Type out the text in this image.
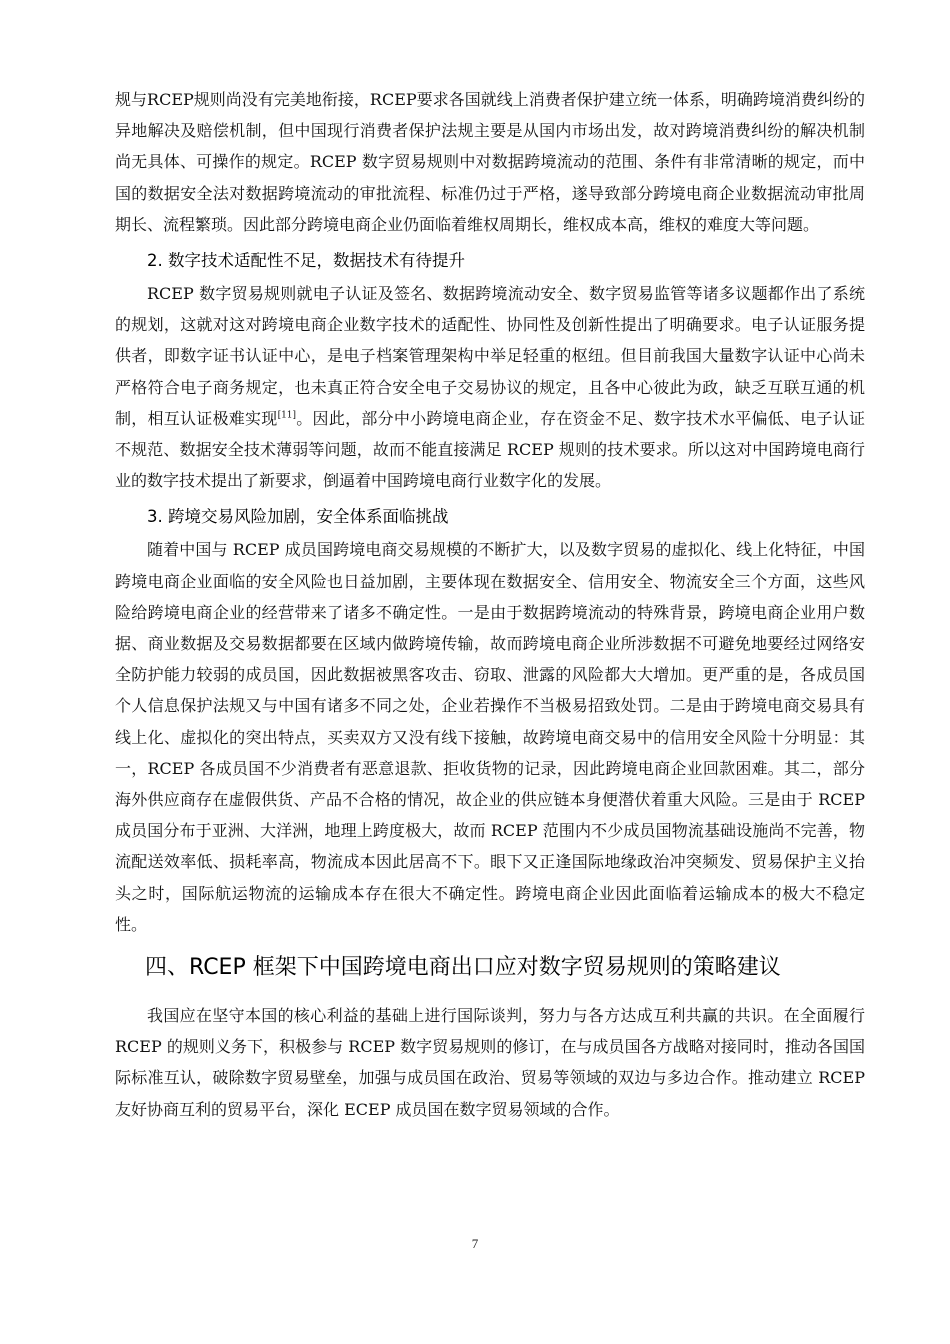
规与RCEP规则尚没有完美地衔接，RCEP要求各国就线上消费者保护建立统一体系，明确跨境消费纠纷的异地解决及赔偿机制，但中国现行消费者保护法规主要是从国内市场出发，故对跨境消费纠纷的解决机制尚无具体、可操作的规定。RCEP 数字贸易规则中对数据跨境流动的范围、条件有非常清晰的规定，而中国的数据安全法对数据跨境流动的审批流程、标准仍过于严格，遂导致部分跨境电商企业数据流动审批周期长、流程繁琐。因此部分跨境电商企业仍面临着维权周期长，维权成本高，维权的难度大等问题。

2. 数字技术适配性不足，数据技术有待提升

RCEP 数字贸易规则就电子认证及签名、数据跨境流动安全、数字贸易监管等诸多议题都作出了系统的规划，这就对这对跨境电商企业数字技术的适配性、协同性及创新性提出了明确要求。电子认证服务提供者，即数字证书认证中心，是电子档案管理架构中举足轻重的枢纽。但目前我国大量数字认证中心尚未严格符合电子商务规定，也未真正符合安全电子交易协议的规定，且各中心彼此为政，缺乏互联互通的机制，相互认证极难实现[11]。因此，部分中小跨境电商企业，存在资金不足、数字技术水平偏低、电子认证不规范、数据安全技术薄弱等问题，故而不能直接满足 RCEP 规则的技术要求。所以这对中国跨境电商行业的数字技术提出了新要求，倒逼着中国跨境电商行业数字化的发展。

3. 跨境交易风险加剧，安全体系面临挑战

随着中国与 RCEP 成员国跨境电商交易规模的不断扩大，以及数字贸易的虚拟化、线上化特征，中国跨境电商企业面临的安全风险也日益加剧，主要体现在数据安全、信用安全、物流安全三个方面，这些风险给跨境电商企业的经营带来了诸多不确定性。一是由于数据跨境流动的特殊背景，跨境电商企业用户数据、商业数据及交易数据都要在区域内做跨境传输，故而跨境电商企业所涉数据不可避免地要经过网络安全防护能力较弱的成员国，因此数据被黑客攻击、窃取、泄露的风险都大大增加。更严重的是，各成员国个人信息保护法规又与中国有诸多不同之处，企业若操作不当极易招致处罚。二是由于跨境电商交易具有线上化、虚拟化的突出特点，买卖双方又没有线下接触，故跨境电商交易中的信用安全风险十分明显：其一，RCEP 各成员国不少消费者有恶意退款、拒收货物的记录，因此跨境电商企业回款困难。其二，部分海外供应商存在虚假供货、产品不合格的情况，故企业的供应链本身便潜伏着重大风险。三是由于 RCEP 成员国分布于亚洲、大洋洲，地理上跨度极大，故而 RCEP 范围内不少成员国物流基础设施尚不完善，物流配送效率低、损耗率高，物流成本因此居高不下。眼下又正逢国际地缘政治冲突频发、贸易保护主义抬头之时，国际航运物流的运输成本存在很大不确定性。跨境电商企业因此面临着运输成本的极大不稳定性。

四、RCEP 框架下中国跨境电商出口应对数字贸易规则的策略建议

我国应在坚守本国的核心利益的基础上进行国际谈判，努力与各方达成互利共赢的共识。在全面履行 RCEP 的规则义务下，积极参与 RCEP 数字贸易规则的修订，在与成员国各方战略对接同时，推动各国国际标准互认，破除数字贸易壁垒，加强与成员国在政治、贸易等领域的双边与多边合作。推动建立 RCEP 友好协商互利的贸易平台，深化 ECEP 成员国在数字贸易领域的合作。

7
